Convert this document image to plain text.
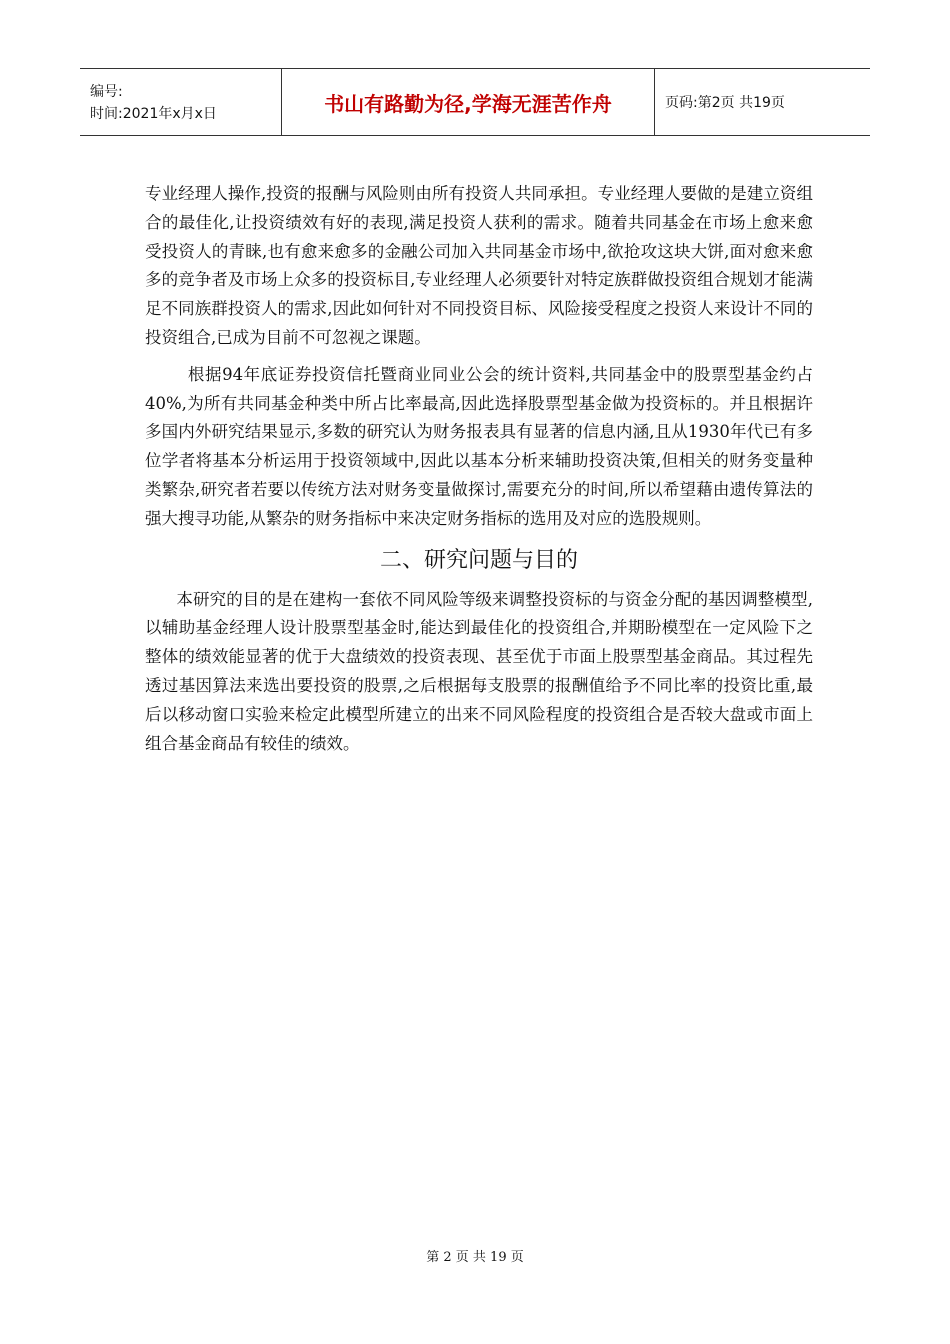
编号:
时间:2021年x月x日	书山有路勤为径,学海无涯苦作舟	页码:第2页 共19页

专业经理人操作,投资的报酬与风险则由所有投资人共同承担。专业经理人要做的是建立资组合的最佳化,让投资绩效有好的表现,满足投资人获利的需求。随着共同基金在市场上愈来愈受投资人的青睐,也有愈来愈多的金融公司加入共同基金市场中,欲抢攻这块大饼,面对愈来愈多的竞争者及市场上众多的投资标目,专业经理人必须要针对特定族群做投资组合规划才能满足不同族群投资人的需求,因此如何针对不同投资目标、风险接受程度之投资人来设计不同的投资组合,已成为目前不可忽视之课题。

根据94年底证券投资信托暨商业同业公会的统计资料,共同基金中的股票型基金约占40%,为所有共同基金种类中所占比率最高,因此选择股票型基金做为投资标的。并且根据许多国内外研究结果显示,多数的研究认为财务报表具有显著的信息内涵,且从1930年代已有多位学者将基本分析运用于投资领域中,因此以基本分析来辅助投资决策,但相关的财务变量种类繁杂,研究者若要以传统方法对财务变量做探讨,需要充分的时间,所以希望藉由遗传算法的强大搜寻功能,从繁杂的财务指标中来决定财务指标的选用及对应的选股规则。

二、研究问题与目的

本研究的目的是在建构一套依不同风险等级来调整投资标的与资金分配的基因调整模型,以辅助基金经理人设计股票型基金时,能达到最佳化的投资组合,并期盼模型在一定风险下之整体的绩效能显著的优于大盘绩效的投资表现、甚至优于市面上股票型基金商品。其过程先透过基因算法来选出要投资的股票,之后根据每支股票的报酬值给予不同比率的投资比重,最后以移动窗口实验来检定此模型所建立的出来不同风险程度的投资组合是否较大盘或市面上组合基金商品有较佳的绩效。

第 2 页 共 19 页
